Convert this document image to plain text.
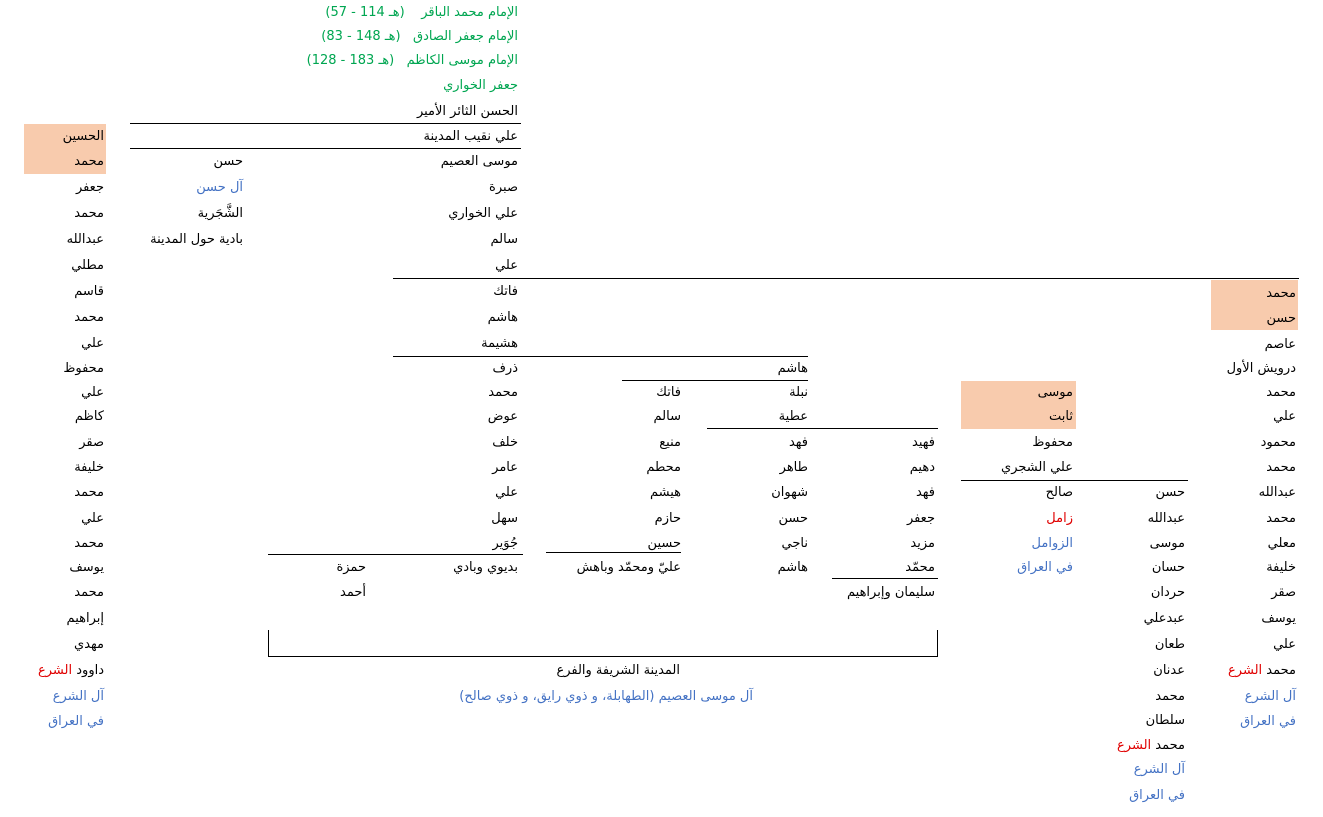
الإمام محمد الباقر    (هـ 114 - 57)
الإمام جعفر الصادق   (هـ 148 - 83)
الإمام موسى الكاظم   (هـ 183 - 128)
جعفر الخواري
الحسن الثائر الأمير
علي نقيب المدينة
الحسين
محمد
جعفر
محمد
عبدالله
مطلي
قاسم
محمد
علي
محفوظ
علي
كاظم
صقر
خليفة
محمد
علي
محمد
يوسف
محمد
إبراهيم
مهدي
داوود الشرع
آل الشرع
في العراق
حسن
آل حسن
الشَّجَرية
بادية حول المدينة
موسى العصيم
صبرة
علي الخواري
سالم
علي
فاتك
هاشم
هشيمة
ذرف
محمد
عوض
خلف
عامر
علي
سهل
جُوَير
بديوي وبادي
حمزة
أحمد
فاتك
سالم
منيع
محطم
هيشم
حازم
حسين
عليّ ومحمّد وباهش
هاشم
نبلة
عطية
فهد
طاهر
شهوان
حسن
ناجي
هاشم
فهيد
دهيم
فهد
جعفر
مزيد
محمّد
سليمان وإبراهيم
موسى
ثابت
محفوظ
علي الشجري
صالح
زامل
الزوامل
في العراق
حسن
عبدالله
موسى
حسان
حردان
عبدعلي
طعان
عدنان
محمد
سلطان
محمد الشرع
آل الشرع
في العراق
محمد
حسن
عاصم
درويش الأول
محمد
علي
محمود
محمد
عبدالله
محمد
معلي
خليفة
صقر
يوسف
علي
محمد الشرع
آل الشرع
في العراق
المدينة الشريفة والفرع
آل موسى العصيم (الطهابلة، و ذوي رايق، و ذوي صالح)
